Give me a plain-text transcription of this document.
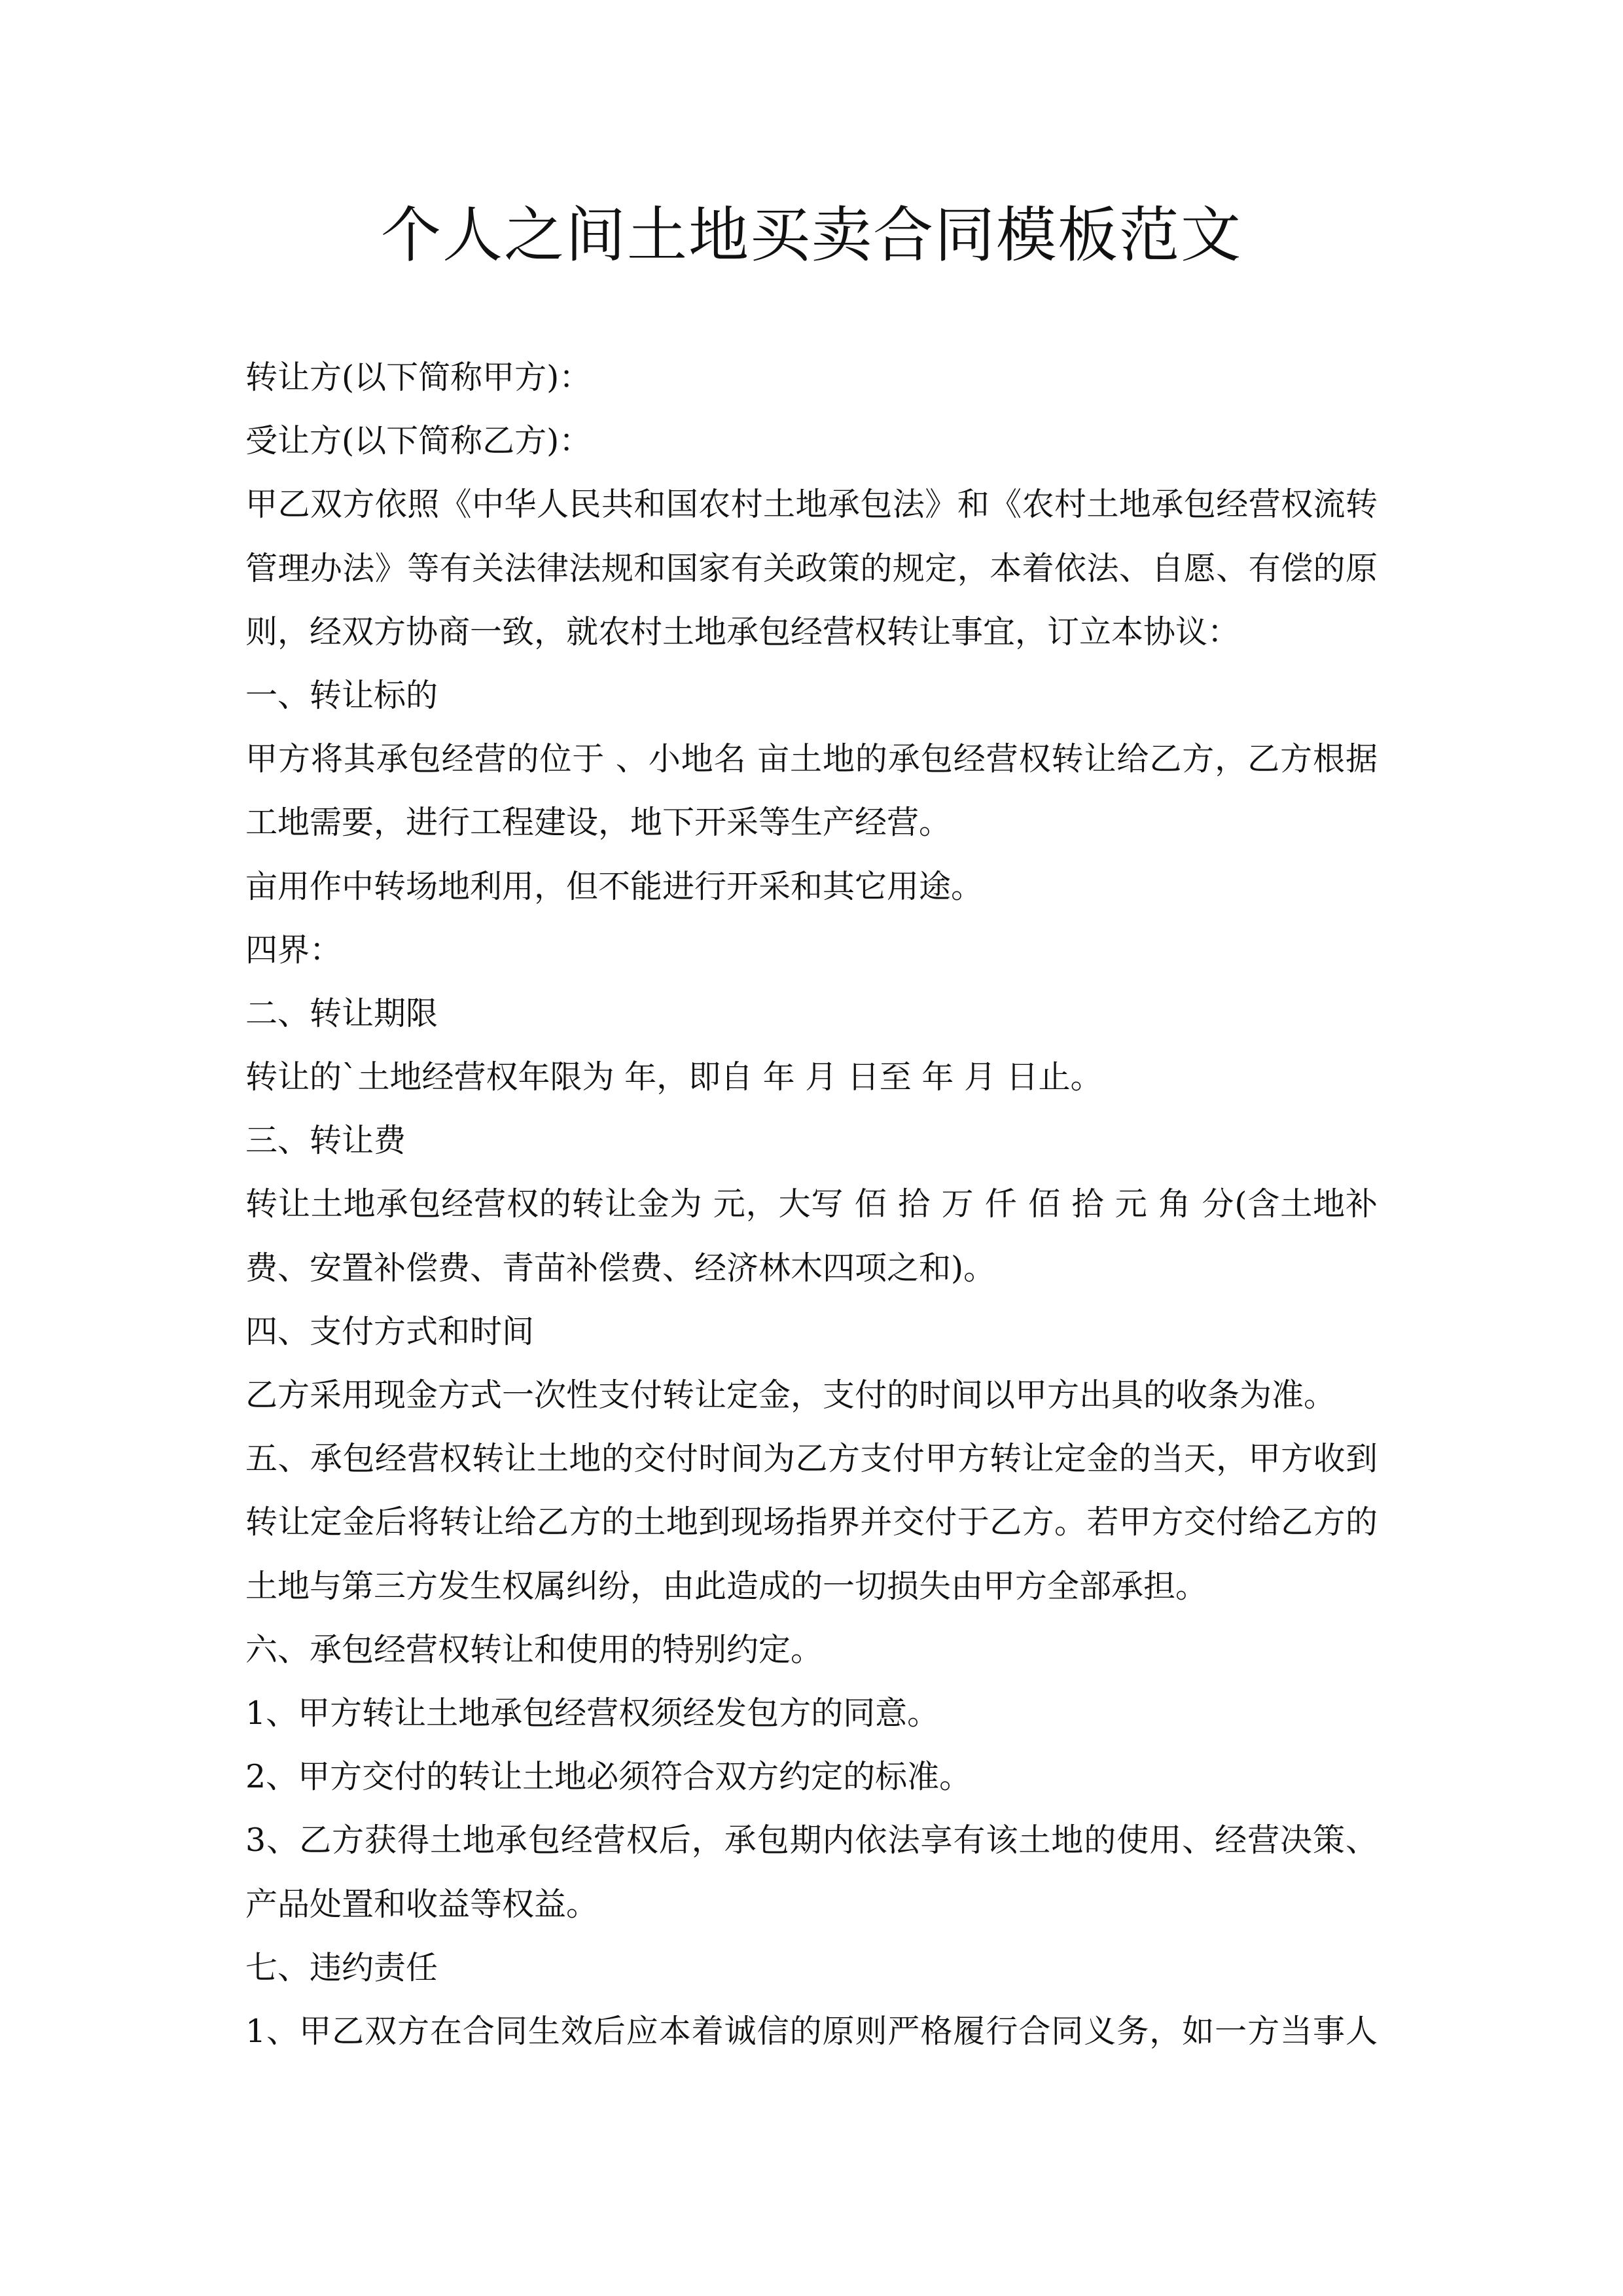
个人之间土地买卖合同模板范文
转让方(以下简称甲方)：
受让方(以下简称乙方)：
甲乙双方依照《中华人民共和国农村土地承包法》和《农村土地承包经营权流转
管理办法》等有关法律法规和国家有关政策的规定，本着依法、自愿、有偿的原
则，经双方协商一致，就农村土地承包经营权转让事宜，订立本协议：
一、转让标的
甲方将其承包经营的位于 、小地名 亩土地的承包经营权转让给乙方，乙方根据
工地需要，进行工程建设，地下开采等生产经营。
亩用作中转场地利用，但不能进行开采和其它用途。
四界：
二、转让期限
转让的`土地经营权年限为 年，即自 年 月 日至 年 月 日止。
三、转让费
转让土地承包经营权的转让金为 元，大写 佰 拾 万 仟 佰 拾 元 角 分(含土地补
费、安置补偿费、青苗补偿费、经济林木四项之和)。
四、支付方式和时间
乙方采用现金方式一次性支付转让定金，支付的时间以甲方出具的收条为准。
五、承包经营权转让土地的交付时间为乙方支付甲方转让定金的当天，甲方收到
转让定金后将转让给乙方的土地到现场指界并交付于乙方。若甲方交付给乙方的
土地与第三方发生权属纠纷，由此造成的一切损失由甲方全部承担。
六、承包经营权转让和使用的特别约定。
1、甲方转让土地承包经营权须经发包方的同意。
2、甲方交付的转让土地必须符合双方约定的标准。
3、乙方获得土地承包经营权后，承包期内依法享有该土地的使用、经营决策、
产品处置和收益等权益。
七、违约责任
1、甲乙双方在合同生效后应本着诚信的原则严格履行合同义务，如一方当事人
